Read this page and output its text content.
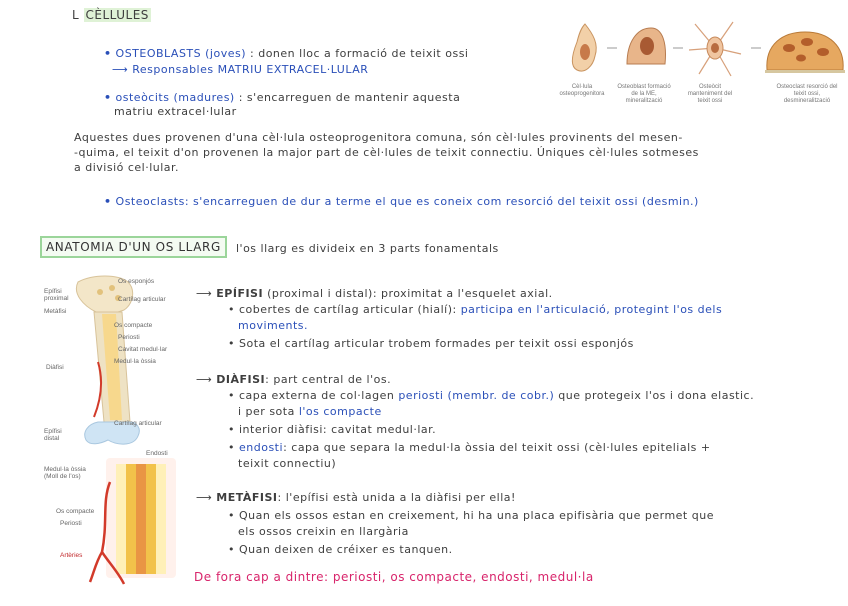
L CÈLLULES
• OSTEOBLASTS (joves) : donen lloc a formació de teixit ossi
⟶ Responsables MATRIU EXTRACEL·LULAR
• osteòcits (madures) : s'encarreguen de mantenir aquesta
matriu extracel·lular
Cèl·lula osteoprogenitora
Osteoblast formació de la ME, mineralització
Osteòcit manteniment del teixit ossi
Osteoclast resorció del teixit ossi, desmineralització
Aquestes dues provenen d'una cèl·lula osteoprogenitora comuna, són cèl·lules provinents del mesen-
-quima, el teixit d'on provenen la major part de cèl·lules de teixit connectiu. Úniques cèl·lules sotmeses
a divisió cel·lular.
• Osteoclasts: s'encarreguen de dur a terme el que es coneix com resorció del teixit ossi (desmin.)
ANATOMIA D'UN OS LLARG	l'os llarg es divideix en 3 parts fonamentals
Os esponjós
Cartílag articular
Os compacte
Periosti
Cavitat medul·lar
Medul·la òssia
Epífisi proximal
Metàfisi
Diàfisi
Epífisi distal
Cartílag articular
Endosti
Medul·la òssia (Moll de l'os)
Os compacte
Periosti
Artèries
⟶ EPÍFISI (proximal i distal): proximitat a l'esquelet axial.
• cobertes de cartílag articular (hialí): participa en l'articulació, protegint l'os dels
moviments.
• Sota el cartílag articular trobem formades per teixit ossi esponjós
⟶ DIÀFISI: part central de l'os.
• capa externa de col·lagen periosti (membr. de cobr.) que protegeix l'os i dona elastic.
i per sota l'os compacte
• interior diàfisi: cavitat medul·lar.
• endosti: capa que separa la medul·la òssia del teixit ossi (cèl·lules epitelials +
teixit connectiu)
⟶ METÀFISI: l'epífisi està unida a la diàfisi per ella!
• Quan els ossos estan en creixement, hi ha una placa epifisària que permet que
els ossos creixin en llargària
• Quan deixen de créixer es tanquen.
De fora cap a dintre: periosti, os compacte, endosti, medul·la
